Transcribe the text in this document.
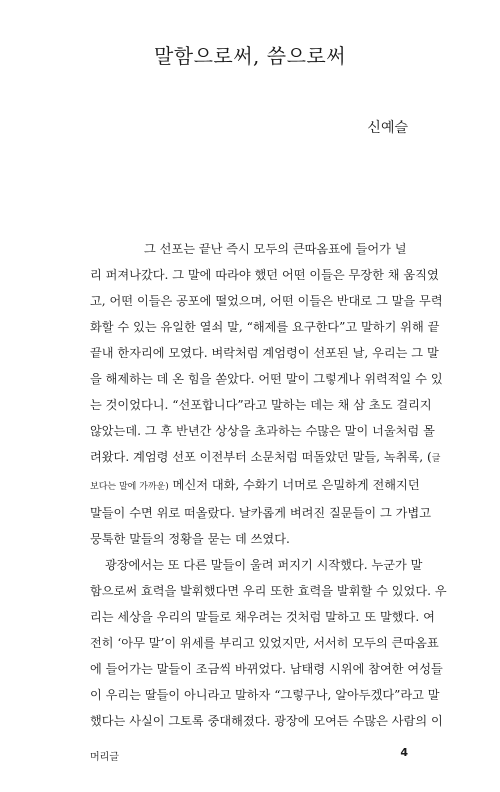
말함으로써, 씀으로써
신예슬
그 선포는 끝난 즉시 모두의 큰따옴표에 들어가 널
리 퍼져나갔다. 그 말에 따라야 했던 어떤 이들은 무장한 채 움직였
고, 어떤 이들은 공포에 떨었으며, 어떤 이들은 반대로 그 말을 무력
화할 수 있는 유일한 열쇠 말, “해제를 요구한다”고 말하기 위해 끝
끝내 한자리에 모였다. 벼락처럼 계엄령이 선포된 날, 우리는 그 말
을 해제하는 데 온 힘을 쏟았다. 어떤 말이 그렇게나 위력적일 수 있
는 것이었다니. “선포합니다”라고 말하는 데는 채 삼 초도 걸리지
않았는데. 그 후 반년간 상상을 초과하는 수많은 말이 너울처럼 몰
려왔다. 계엄령 선포 이전부터 소문처럼 떠돌았던 말들, 녹취록, (글
보다는 말에 가까운) 메신저 대화, 수화기 너머로 은밀하게 전해지던
말들이 수면 위로 떠올랐다. 날카롭게 벼려진 질문들이 그 가볍고
뭉툭한 말들의 정황을 묻는 데 쓰였다.
광장에서는 또 다른 말들이 울려 퍼지기 시작했다. 누군가 말
함으로써 효력을 발휘했다면 우리 또한 효력을 발휘할 수 있었다. 우
리는 세상을 우리의 말들로 채우려는 것처럼 말하고 또 말했다. 여
전히 ‘아무 말’이 위세를 부리고 있었지만, 서서히 모두의 큰따옴표
에 들어가는 말들이 조금씩 바뀌었다. 남태령 시위에 참여한 여성들
이 우리는 딸들이 아니라고 말하자 “그렇구나, 알아두겠다”라고 말
했다는 사실이 그토록 중대해졌다. 광장에 모여든 수많은 사람의 이
머리글	4
